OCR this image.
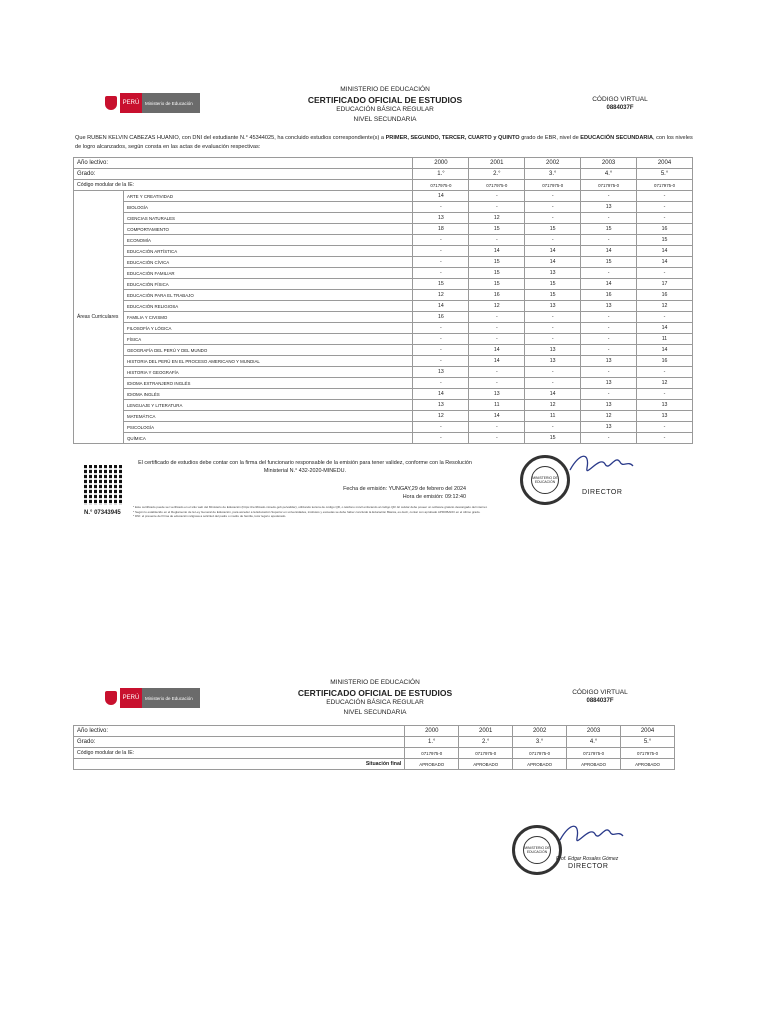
PERÚ	Ministerio de Educación
MINISTERIO DE EDUCACIÓN
CERTIFICADO OFICIAL DE ESTUDIOS
EDUCACIÓN BÁSICA REGULAR
NIVEL SECUNDARIA
CÓDIGO VIRTUAL
0884037F
Que RUBEN KELVIN CABEZAS HUANIO, con DNI del estudiante N.° 45344025, ha concluido estudios correspondiente(s) a PRIMER, SEGUNDO, TERCER, CUARTO y QUINTO grado de EBR, nivel de EDUCACIÓN SECUNDARIA, con los niveles de logro alcanzados, según consta en las actas de evaluación respectivas:
Año lectivo:		2000	2001	2002	2003	2004
Grado:		1.°	2.°	3.°	4.°	5.°
Código modular de la IE:		0717975-0	0717975-0	0717975-0	0717975-0	0717975-0
Áreas Curriculares	ARTE Y CREATIVIDAD	14	-	-	-	-
	BIOLOGÍA	-	-	-	13	-
	CIENCIAS NATURALES	13	12	-	-	-
	COMPORTAMIENTO	18	15	15	15	16
	ECONOMÍA	-	-	-	-	15
	EDUCACIÓN ARTÍSTICA	-	14	14	14	14
	EDUCACIÓN CÍVICA	-	15	14	15	14
	EDUCACIÓN FAMILIAR	-	15	13	-	-
	EDUCACIÓN FÍSICA	15	15	15	14	17
	EDUCACIÓN PARA EL TRABAJO	12	16	15	16	16
	EDUCACIÓN RELIGIOSA	14	12	13	13	12
	FAMILIA Y CIVISMO	16	-	-	-	-
	FILOSOFÍA Y LÓGICA	-	-	-	-	14
	FÍSICA	-	-	-	-	11
	GEOGRAFÍA DEL PERÚ Y DEL MUNDO	-	14	13	-	14
	HISTORIA DEL PERÚ EN EL PROCESO AMERICANO Y MUNDIAL	-	14	13	13	16
	HISTORIA Y GEOGRAFÍA	13	-	-	-	-
	IDIOMA EXTRANJERO INGLÉS	-	-	-	13	12
	IDIOMA INGLÉS	14	13	14	-	-
	LENGUAJE Y LITERATURA	13	11	12	13	13
	MATEMÁTICA	12	14	11	12	13
	PSICOLOGÍA	-	-	-	13	-
	QUÍMICA	-	-	15	-	-
El certificado de estudios debe contar con la firma del funcionario responsable de la emisión para tener validez, conforme con la Resolución Ministerial N.° 432-2020-MINEDU.
Fecha de emisión: YUNGAY,29 de febrero del 2024
Hora de emisión: 09:12:40
N.° 07343945
* Este certificado puede ser verificado en el sitio web del Ministerio de Educación (https://certificado.minedu.gob.pe/validar), utilizando lectora de código QR, o teléfono móvil enfocando al código QR. El celular debe poseer un software gratuito descargado del internet.
* Según lo establecido en el Reglamento de la Ley General de Educación, para acceder a la Educación Superior en universidades, institutos y escuelas se debe haber concluido la Educación Básica, es decir, contar con aprobado APROBADO en el último grado.
* DNI: el presente del firma de educación religiosa a solicitud del padre o madre de familia, tutor legal o apoderado.
MINISTERIO DE EDUCACIÓN
DIRECTOR
PERÚ	Ministerio de Educación
MINISTERIO DE EDUCACIÓN
CERTIFICADO OFICIAL DE ESTUDIOS
EDUCACIÓN BÁSICA REGULAR
NIVEL SECUNDARIA
CÓDIGO VIRTUAL
0884037F
Año lectivo:	2000	2001	2002	2003	2004
Grado:	1.°	2.°	3.°	4.°	5.°
Código modular de la IE:	0717975-0	0717975-0	0717975-0	0717975-0	0717975-0
Situación final	APROBADO	APROBADO	APROBADO	APROBADO	APROBADO
MINISTERIO DE EDUCACIÓN
Prof. Edgar Rosales Gómez
DIRECTOR
